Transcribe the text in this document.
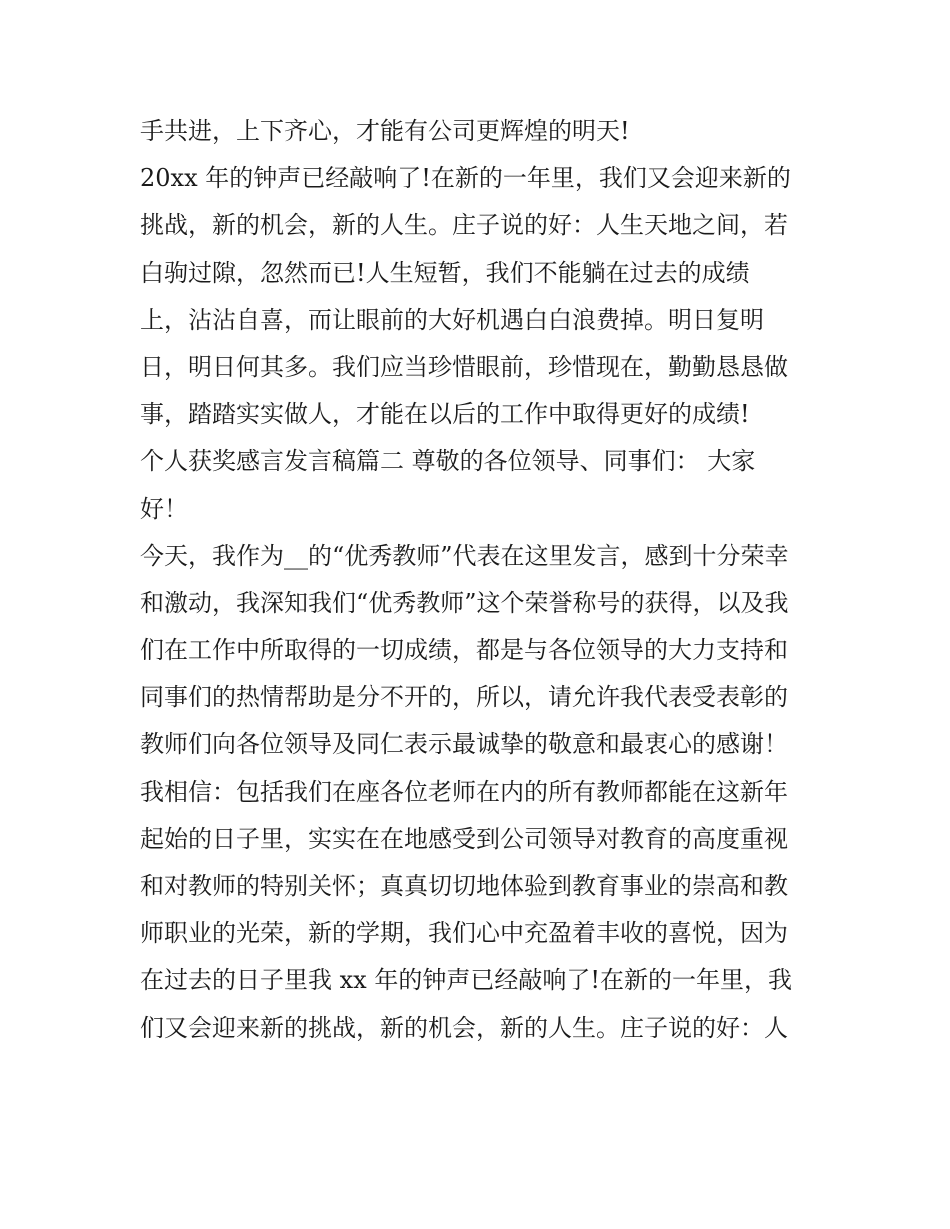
手共进，上下齐心，才能有公司更辉煌的明天!
20xx 年的钟声已经敲响了!在新的一年里，我们又会迎来新的
挑战，新的机会，新的人生。庄子说的好：人生天地之间，若
白驹过隙，忽然而已!人生短暂，我们不能躺在过去的成绩
上，沾沾自喜，而让眼前的大好机遇白白浪费掉。明日复明
日，明日何其多。我们应当珍惜眼前，珍惜现在，勤勤恳恳做
事，踏踏实实做人，才能在以后的工作中取得更好的成绩!
个人获奖感言发言稿篇二 尊敬的各位领导、同事们： 大家
好！
今天，我作为__的“优秀教师”代表在这里发言，感到十分荣幸
和激动，我深知我们“优秀教师”这个荣誉称号的获得，以及我
们在工作中所取得的一切成绩，都是与各位领导的大力支持和
同事们的热情帮助是分不开的，所以，请允许我代表受表彰的
教师们向各位领导及同仁表示最诚挚的敬意和最衷心的感谢！
我相信：包括我们在座各位老师在内的所有教师都能在这新年
起始的日子里，实实在在地感受到公司领导对教育的高度重视
和对教师的特别关怀；真真切切地体验到教育事业的崇高和教
师职业的光荣，新的学期，我们心中充盈着丰收的喜悦，因为
在过去的日子里我 xx 年的钟声已经敲响了!在新的一年里，我
们又会迎来新的挑战，新的机会，新的人生。庄子说的好：人
